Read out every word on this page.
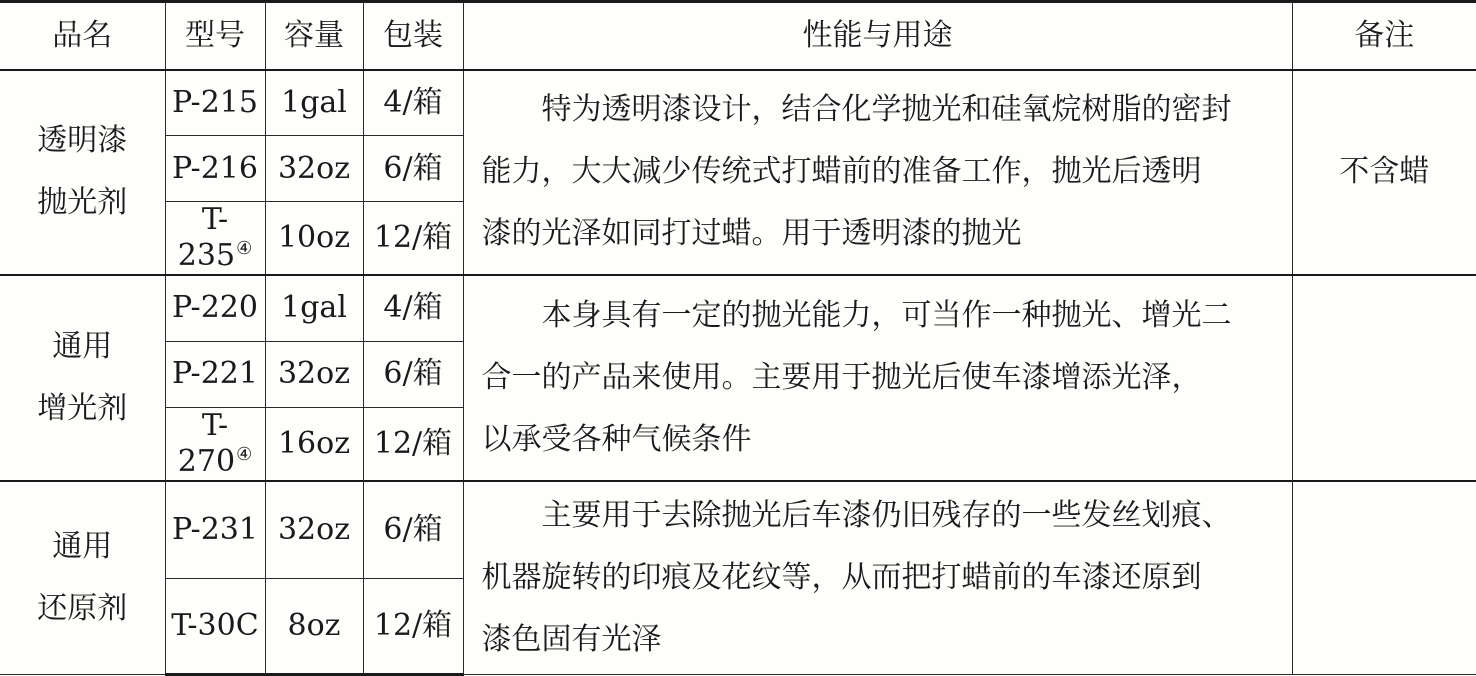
品名	型号	容量	包装	性能与用途	备注

透明漆
抛光剂	P-215	1gal	4/箱	特为透明漆设计，结合化学抛光和硅氧烷树脂的密封
能力，大大减少传统式打蜡前的准备工作，抛光后透明
漆的光泽如同打过蜡。用于透明漆的抛光	不含蜡
	P-216	32oz	6/箱		
	T-235④	10oz	12/箱		

通用
增光剂	P-220	1gal	4/箱	本身具有一定的抛光能力，可当作一种抛光、增光二
合一的产品来使用。主要用于抛光后使车漆增添光泽，
以承受各种气候条件	

	P-221	32oz	6/箱		
	T-270④	16oz	12/箱		

通用
还原剂	P-231	32oz	6/箱	主要用于去除抛光后车漆仍旧残存的一些发丝划痕、
机器旋转的印痕及花纹等，从而把打蜡前的车漆还原到
漆色固有光泽	

	T-30C	8oz	12/箱		
